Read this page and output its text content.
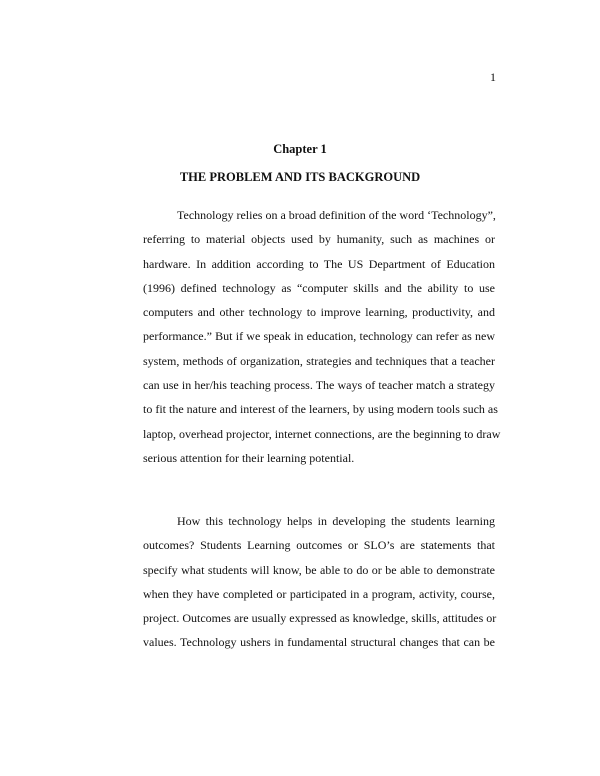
1
Chapter 1
THE PROBLEM AND ITS BACKGROUND
Technology relies on a broad definition of the word ‘Technology”,
referring to material objects used by humanity, such as machines or
hardware. In addition according to The US Department of Education
(1996) defined technology as “computer skills and the ability to use
computers and other technology to improve learning, productivity, and
performance.” But if we speak in education, technology can refer as new
system, methods of organization, strategies and techniques that a teacher
can use in her/his teaching process. The ways of teacher match a strategy
to fit the nature and interest of the learners, by using modern tools such as
laptop, overhead projector, internet connections, are the beginning to draw
serious attention for their learning potential.
How this technology helps in developing the students learning
outcomes? Students Learning outcomes or SLO’s are statements that
specify what students will know, be able to do or be able to demonstrate
when they have completed or participated in a program, activity, course,
project. Outcomes are usually expressed as knowledge, skills, attitudes or
values. Technology ushers in fundamental structural changes that can be
